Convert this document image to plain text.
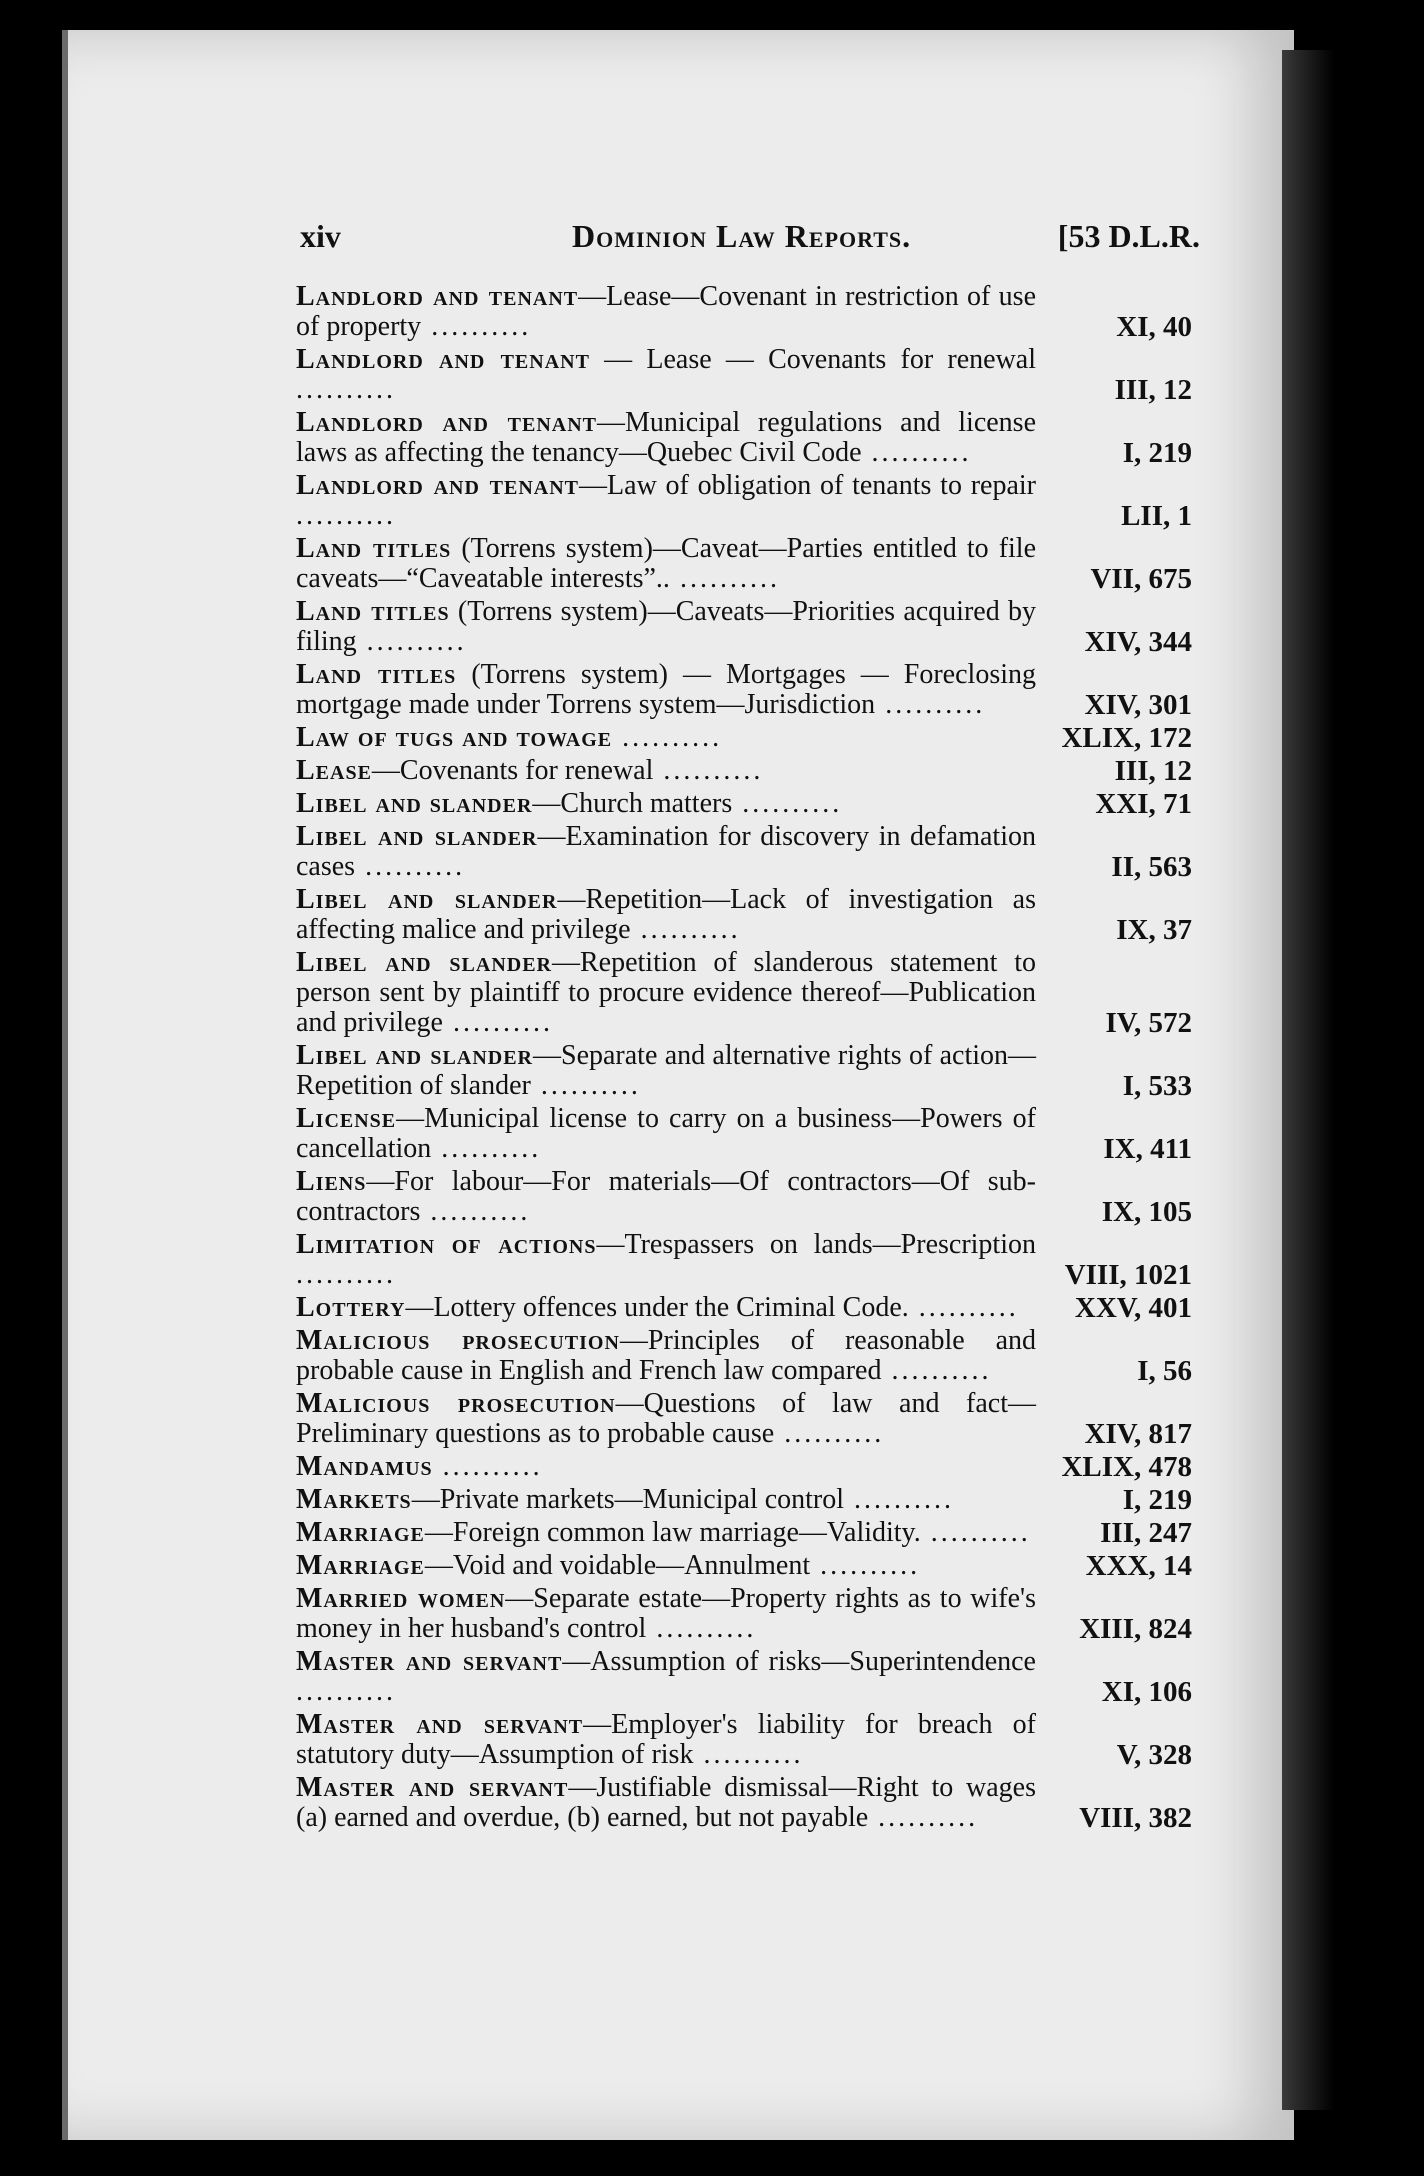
xiv	Dominion Law Reports.	[53 D.L.R.
Landlord and tenant—Lease—Covenant in restriction of use of property ..........	XI, 40
Landlord and tenant — Lease — Covenants for renewal ..........	III, 12
Landlord and tenant—Municipal regulations and license laws as affecting the tenancy—Quebec Civil Code ..........	I, 219
Landlord and tenant—Law of obligation of tenants to repair ..........	LII, 1
Land titles (Torrens system)—Caveat—Parties entitled to file caveats—“Caveatable interests”.. ..........	VII, 675
Land titles (Torrens system)—Caveats—Priorities acquired by filing ..........	XIV, 344
Land titles (Torrens system) — Mortgages — Foreclosing mortgage made under Torrens system—Jurisdiction ..........	XIV, 301
Law of tugs and towage ..........	XLIX, 172
Lease—Covenants for renewal ..........	III, 12
Libel and slander—Church matters ..........	XXI, 71
Libel and slander—Examination for discovery in defamation cases ..........	II, 563
Libel and slander—Repetition—Lack of investigation as affecting malice and privilege ..........	IX, 37
Libel and slander—Repetition of slanderous statement to person sent by plaintiff to procure evidence thereof—Publication and privilege ..........	IV, 572
Libel and slander—Separate and alternative rights of action—Repetition of slander ..........	I, 533
License—Municipal license to carry on a business—Powers of cancellation ..........	IX, 411
Liens—For labour—For materials—Of contractors—Of sub-contractors ..........	IX, 105
Limitation of actions—Trespassers on lands—Prescription ..........	VIII, 1021
Lottery—Lottery offences under the Criminal Code. ..........	XXV, 401
Malicious prosecution—Principles of reasonable and probable cause in English and French law compared ..........	I, 56
Malicious prosecution—Questions of law and fact—Preliminary questions as to probable cause ..........	XIV, 817
Mandamus ..........	XLIX, 478
Markets—Private markets—Municipal control ..........	I, 219
Marriage—Foreign common law marriage—Validity. ..........	III, 247
Marriage—Void and voidable—Annulment ..........	XXX, 14
Married women—Separate estate—Property rights as to wife's money in her husband's control ..........	XIII, 824
Master and servant—Assumption of risks—Superintendence ..........	XI, 106
Master and servant—Employer's liability for breach of statutory duty—Assumption of risk ..........	V, 328
Master and servant—Justifiable dismissal—Right to wages (a) earned and overdue, (b) earned, but not payable ..........	VIII, 382
